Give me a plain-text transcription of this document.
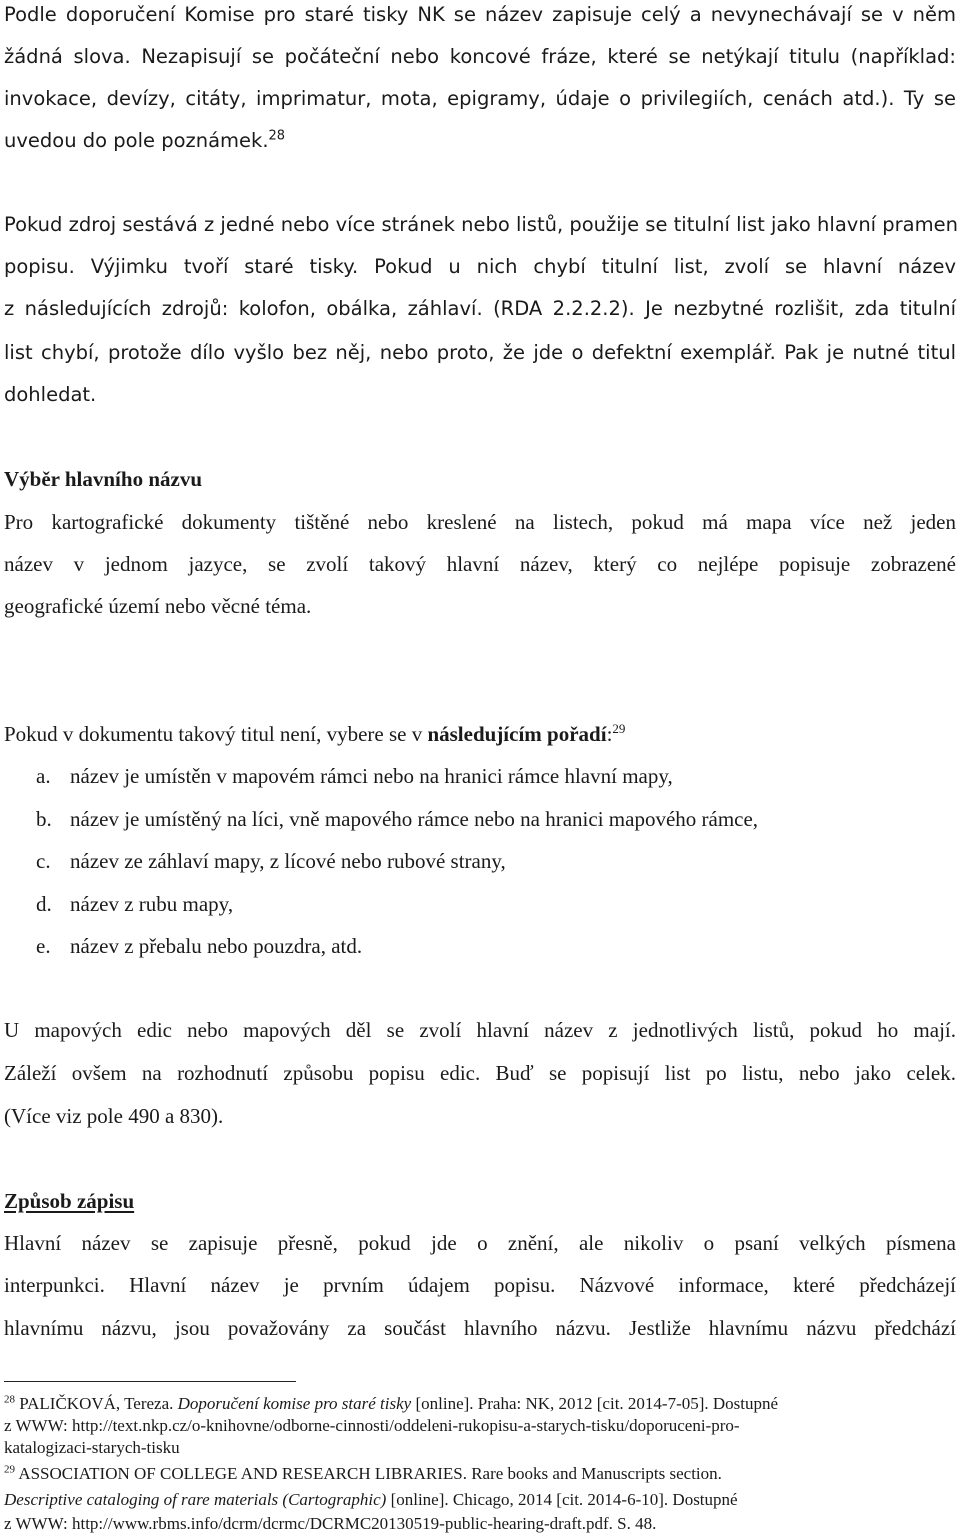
Podle doporučení Komise pro staré tisky NK se název zapisuje celý a nevynechávají se v něm
žádná slova. Nezapisují se počáteční nebo koncové fráze, které se netýkají titulu (například:
invokace, devízy, citáty, imprimatur, mota, epigramy, údaje o privilegiích, cenách atd.). Ty se
uvedou do pole poznámek.$^{28}$
Pokud zdroj sestává z jedné nebo více stránek nebo listů, použije se titulní list jako hlavní pramen
popisu. Výjimku tvoří staré tisky. Pokud u nich chybí titulní list, zvolí se hlavní název
z následujících zdrojů: kolofon, obálka, záhlaví. (RDA 2.2.2.2). Je nezbytné rozlišit, zda titulní
list chybí, protože dílo vyšlo bez něj, nebo proto, že jde o defektní exemplář. Pak je nutné titul
dohledat.
Výběr hlavního názvu
Pro kartografické dokumenty tištěné nebo kreslené na listech, pokud má mapa více než jeden
název v jednom jazyce, se zvolí takový hlavní název, který co nejlépe popisuje zobrazené
geografické území nebo věcné téma.
Pokud v dokumentu takový titul není, vybere se v následujícím pořadí:$^{29}$
a. název je umístěn v mapovém rámci nebo na hranici rámce hlavní mapy,
b. název je umístěný na líci, vně mapového rámce nebo na hranici mapového rámce,
c. název ze záhlaví mapy, z lícové nebo rubové strany,
d. název z rubu mapy,
e. název z přebalu nebo pouzdra, atd.
U mapových edic nebo mapových děl se zvolí hlavní název z jednotlivých listů, pokud ho mají.
Záleží ovšem na rozhodnutí způsobu popisu edic. Buď se popisují list po listu, nebo jako celek.
(Více viz pole 490 a 830).
Způsob zápisu
Hlavní název se zapisuje přesně, pokud jde o znění, ale nikoliv o psaní velkých písmena
interpunkci. Hlavní název je prvním údajem popisu. Názvové informace, které předcházejí
hlavnímu názvu, jsou považovány za součást hlavního názvu. Jestliže hlavnímu názvu předchází
$^{28}$ PALIČKOVÁ, Tereza. Doporučení komise pro staré tisky [online]. Praha: NK, 2012 [cit. 2014-7-05]. Dostupné
z WWW: http://text.nkp.cz/o-knihovne/odborne-cinnosti/oddeleni-rukopisu-a-starych-tisku/doporuceni-pro-
katalogizaci-starych-tisku
$^{29}$ ASSOCIATION OF COLLEGE AND RESEARCH LIBRARIES. Rare books and Manuscripts section.
Descriptive cataloging of rare materials (Cartographic) [online]. Chicago, 2014 [cit. 2014-6-10]. Dostupné
z WWW: http://www.rbms.info/dcrm/dcrmc/DCRMC20130519-public-hearing-draft.pdf. S. 48.
